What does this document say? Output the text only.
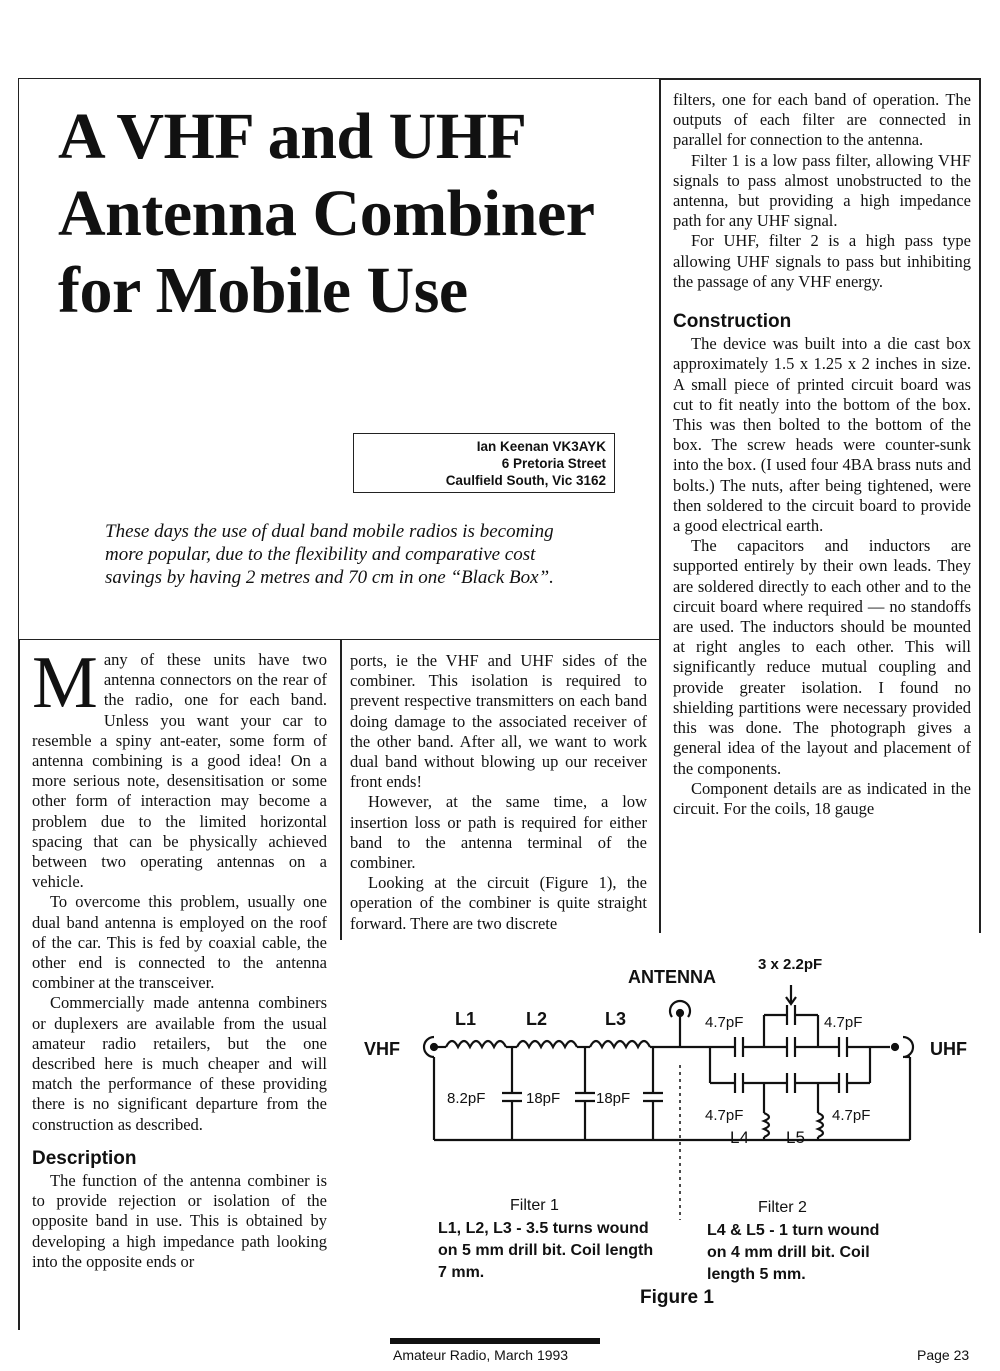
A VHF and UHF Antenna Combiner for Mobile Use
Ian Keenan VK3AYK
6 Pretoria Street
Caulfield South, Vic 3162
These days the use of dual band mobile radios is becoming more popular, due to the flexibility and comparative cost savings by having 2 metres and 70 cm in one “Black Box”.

Many of these units have two antenna connectors on the rear of the radio, one for each band. Unless you want your car to resemble a spiny ant-eater, some form of antenna combining is a good idea! On a more serious note, desensitisation or some other form of interaction may become a problem due to the limited horizontal spacing that can be physically achieved between two operating antennas on a vehicle.

To overcome this problem, usually one dual band antenna is employed on the roof of the car. This is fed by coaxial cable, the other end is connected to the antenna combiner at the transceiver.

Commercially made antenna combiners or duplexers are available from the usual amateur radio retailers, but the one described here is much cheaper and will match the performance of these providing there is no significant departure from the construction as described.

Description

The function of the antenna combiner is to provide rejection or isolation of the opposite band in use. This is obtained by developing a high impedance path looking into the opposite ends or

ports, ie the VHF and UHF sides of the combiner. This isolation is required to prevent respective transmitters on each band doing damage to the associated receiver of the other band. After all, we want to work dual band without blowing up our receiver front ends!

However, at the same time, a low insertion loss or path is required for either band to the antenna terminal of the combiner.

Looking at the circuit (Figure 1), the operation of the combiner is quite straight forward. There are two discrete

filters, one for each band of operation. The outputs of each filter are connected in parallel for connection to the antenna.

Filter 1 is a low pass filter, allowing VHF signals to pass almost unobstructed to the antenna, but providing a high impedance path for any UHF signal.

For UHF, filter 2 is a high pass type allowing UHF signals to pass but inhibiting the passage of any VHF energy.

Construction

The device was built into a die cast box approximately 1.5 x 1.25 x 2 inches in size. A small piece of printed circuit board was cut to fit neatly into the bottom of the box. This was then bolted to the bottom of the box. The screw heads were counter-sunk into the box. (I used four 4BA brass nuts and bolts.) The nuts, after being tightened, were then soldered to the circuit board to provide a good electrical earth.

The capacitors and inductors are supported entirely by their own leads. They are soldered directly to each other and to the circuit board where required — no standoffs are used. The inductors should be mounted at right angles to each other. This will significantly reduce mutual coupling and provide greater isolation. I found no shielding partitions were necessary provided this was done. The photograph gives a general idea of the layout and placement of the components.

Component details are as indicated in the circuit. For the coils, 18 gauge

ANTENNA
3 x 2.2pF
VHF	UHF
L1	L2	L3
8.2pF	18pF 18pF
4.7pF	4.7pF
4.7pF	4.7pF
L4 L5
Filter 1
L1, L2, L3 - 3.5 turns wound
on 5 mm drill bit. Coil length
7 mm.
Filter 2
L4 & L5 - 1 turn wound
on 4 mm drill bit. Coil
length 5 mm.
Figure 1
Amateur Radio, March 1993	Page 23
